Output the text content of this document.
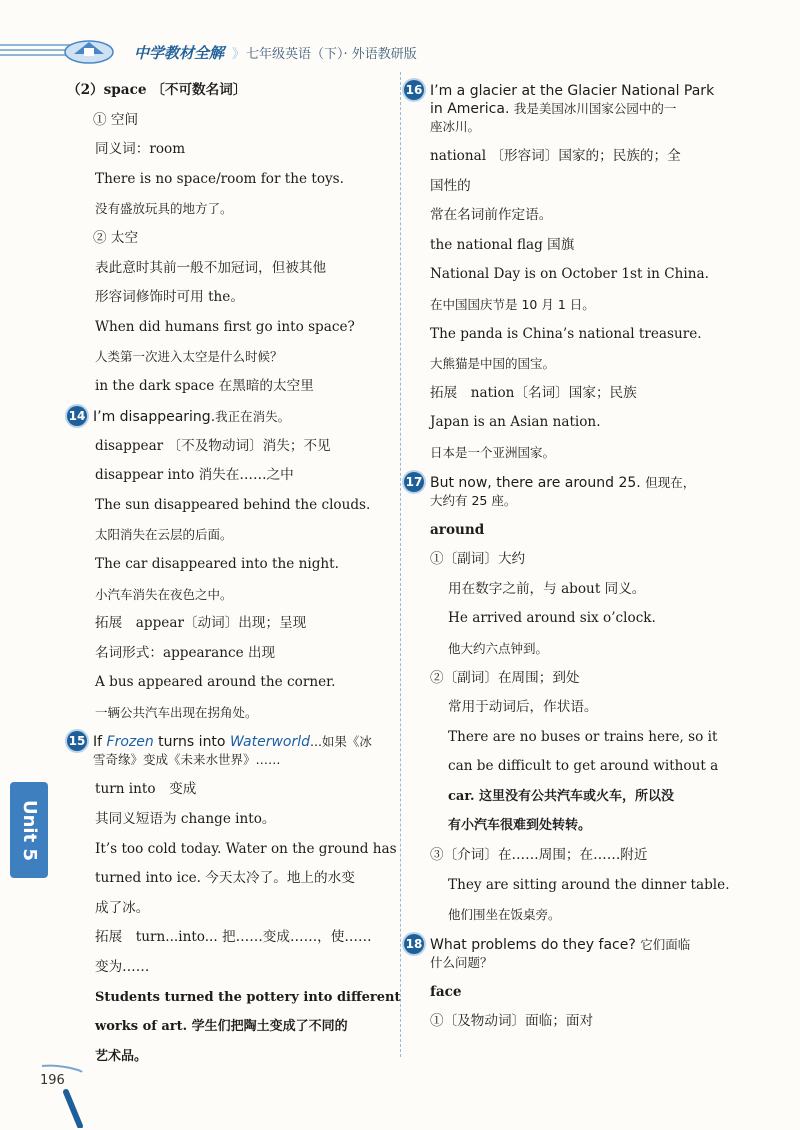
中学教材全解 》 七年级英语（下）· 外语教研版
（2）space 〔不可数名词〕
① 空间
同义词：room
There is no space/room for the toys.
没有盛放玩具的地方了。
② 太空
表此意时其前一般不加冠词，但被其他
形容词修饰时可用 the。
When did humans first go into space?
人类第一次进入太空是什么时候？
in the dark space 在黑暗的太空里
14 I’m disappearing.我正在消失。
disappear 〔不及物动词〕消失；不见
disappear into 消失在……之中
The sun disappeared behind the clouds.
太阳消失在云层的后面。
The car disappeared into the night.
小汽车消失在夜色之中。
拓展　appear〔动词〕出现；呈现
名词形式：appearance 出现
A bus appeared around the corner.
一辆公共汽车出现在拐角处。
15 If Frozen turns into Waterworld...如果《冰
雪奇缘》变成《未来水世界》……
turn into　变成
其同义短语为 change into。
It’s too cold today. Water on the ground has
turned into ice. 今天太冷了。地上的水变
成了冰。
拓展　turn...into... 把……变成……，使……
变为……
Students turned the pottery into different
works of art. 学生们把陶土变成了不同的
艺术品。
16 I’m a glacier at the Glacier National Park
in America. 我是美国冰川国家公园中的一
座冰川。
national 〔形容词〕国家的；民族的；全
国性的
常在名词前作定语。
the national flag 国旗
National Day is on October 1st in China.
在中国国庆节是 10 月 1 日。
The panda is China’s national treasure.
大熊猫是中国的国宝。
拓展　nation〔名词〕国家；民族
Japan is an Asian nation.
日本是一个亚洲国家。
17 But now, there are around 25. 但现在，
大约有 25 座。
around
①〔副词〕大约
用在数字之前，与 about 同义。
He arrived around six o’clock.
他大约六点钟到。
②〔副词〕在周围；到处
常用于动词后，作状语。
There are no buses or trains here, so it
can be difficult to get around without a
car. 这里没有公共汽车或火车，所以没
有小汽车很难到处转转。
③〔介词〕在……周围；在……附近
They are sitting around the dinner table.
他们围坐在饭桌旁。
18 What problems do they face? 它们面临
什么问题？
face
①〔及物动词〕面临；面对
Unit 5
196
